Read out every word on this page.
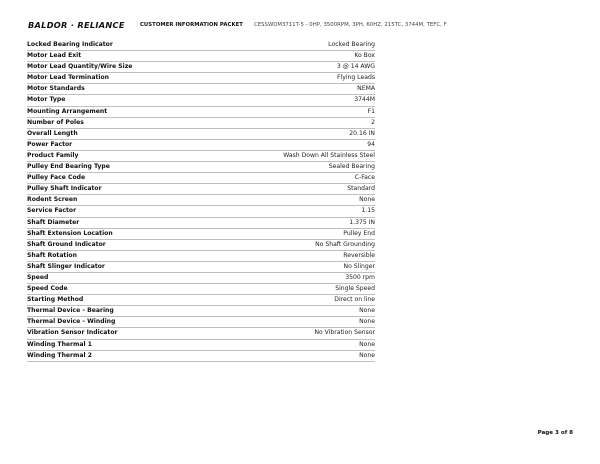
BALDOR · RELIANCE	CUSTOMER INFORMATION PACKET	CESSWDM3711T-5 - 0HP, 3500RPM, 3PH, 60HZ, 215TC, 3744M, TEFC, F
Locked Bearing Indicator	Locked Bearing
Motor Lead Exit	Ko Box
Motor Lead Quantity/Wire Size	3 @ 14 AWG
Motor Lead Termination	Flying Leads
Motor Standards	NEMA
Motor Type	3744M
Mounting Arrangement	F1
Number of Poles	2
Overall Length	20.16 IN
Power Factor	94
Product Family	Wash Down All Stainless Steel
Pulley End Bearing Type	Sealed Bearing
Pulley Face Code	C-Face
Pulley Shaft Indicator	Standard
Rodent Screen	None
Service Factor	1.15
Shaft Diameter	1.375 IN
Shaft Extension Location	Pulley End
Shaft Ground Indicator	No Shaft Grounding
Shaft Rotation	Reversible
Shaft Slinger Indicator	No Slinger
Speed	3500 rpm
Speed Code	Single Speed
Starting Method	Direct on line
Thermal Device - Bearing	None
Thermal Device - Winding	None
Vibration Sensor Indicator	No Vibration Sensor
Winding Thermal 1	None
Winding Thermal 2	None
Page 3 of 8
